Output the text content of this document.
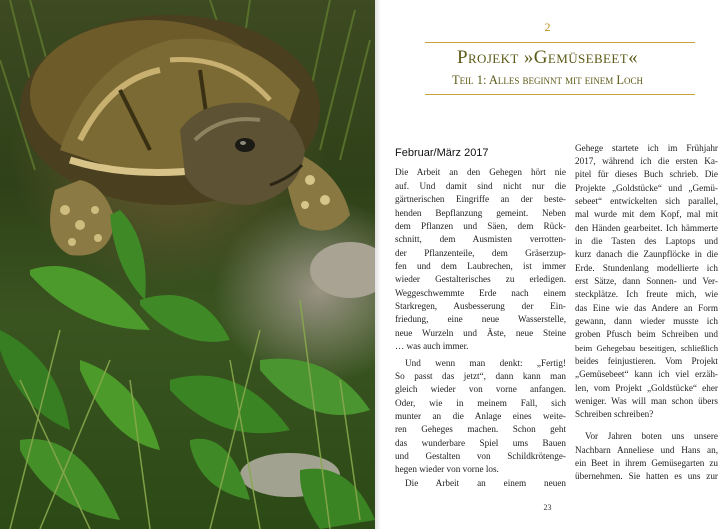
2
Projekt »Gemüsebeet«
Teil 1: Alles beginnt mit einem Loch
Februar/März 2017
Die Arbeit an den Gehegen hört nie
auf. Und damit sind nicht nur die
gärtnerischen Eingriffe an der beste-
henden Bepflanzung gemeint. Neben
dem Pflanzen und Säen, dem Rück-
schnitt, dem Ausmisten verrotten-
der Pflanzenteile, dem Gräserzup-
fen und dem Laubrechen, ist immer
wieder Gestalterisches zu erledigen.
Weggeschwemmte Erde nach einem
Starkregen, Ausbesserung der Ein-
friedung, eine neue Wasserstelle,
neue Wurzeln und Äste, neue Steine
… was auch immer.
Und wenn man denkt: „Fertig!
So passt das jetzt“, dann kann man
gleich wieder von vorne anfangen.
Oder, wie in meinem Fall, sich
munter an die Anlage eines weite-
ren Geheges machen. Schon geht
das wunderbare Spiel ums Bauen
und Gestalten von Schildkrötenge-
hegen wieder von vorne los.
Die Arbeit an einem neuen
Gehege startete ich im Frühjahr
2017, während ich die ersten Ka-
pitel für dieses Buch schrieb. Die
Projekte „Goldstücke“ und „Gemü-
sebeet“ entwickelten sich parallel,
mal wurde mit dem Kopf, mal mit
den Händen gearbeitet. Ich hämmerte
in die Tasten des Laptops und
kurz danach die Zaunpflöcke in die
Erde. Stundenlang modellierte ich
erst Sätze, dann Sonnen- und Ver-
steckplätze. Ich freute mich, wie
das Eine wie das Andere an Form
gewann, dann wieder musste ich
groben Pfusch beim Schreiben und
beim Gehegebau beseitigen, schließlich
beides feinjustieren. Vom Projekt
„Gemüsebeet“ kann ich viel erzäh-
len, vom Projekt „Goldstücke“ eher
weniger. Was will man schon übers
Schreiben schreiben?
Vor Jahren boten uns unsere
Nachbarn Anneliese und Hans an,
ein Beet in ihrem Gemüsegarten zu
übernehmen. Sie hatten es uns zur
23
